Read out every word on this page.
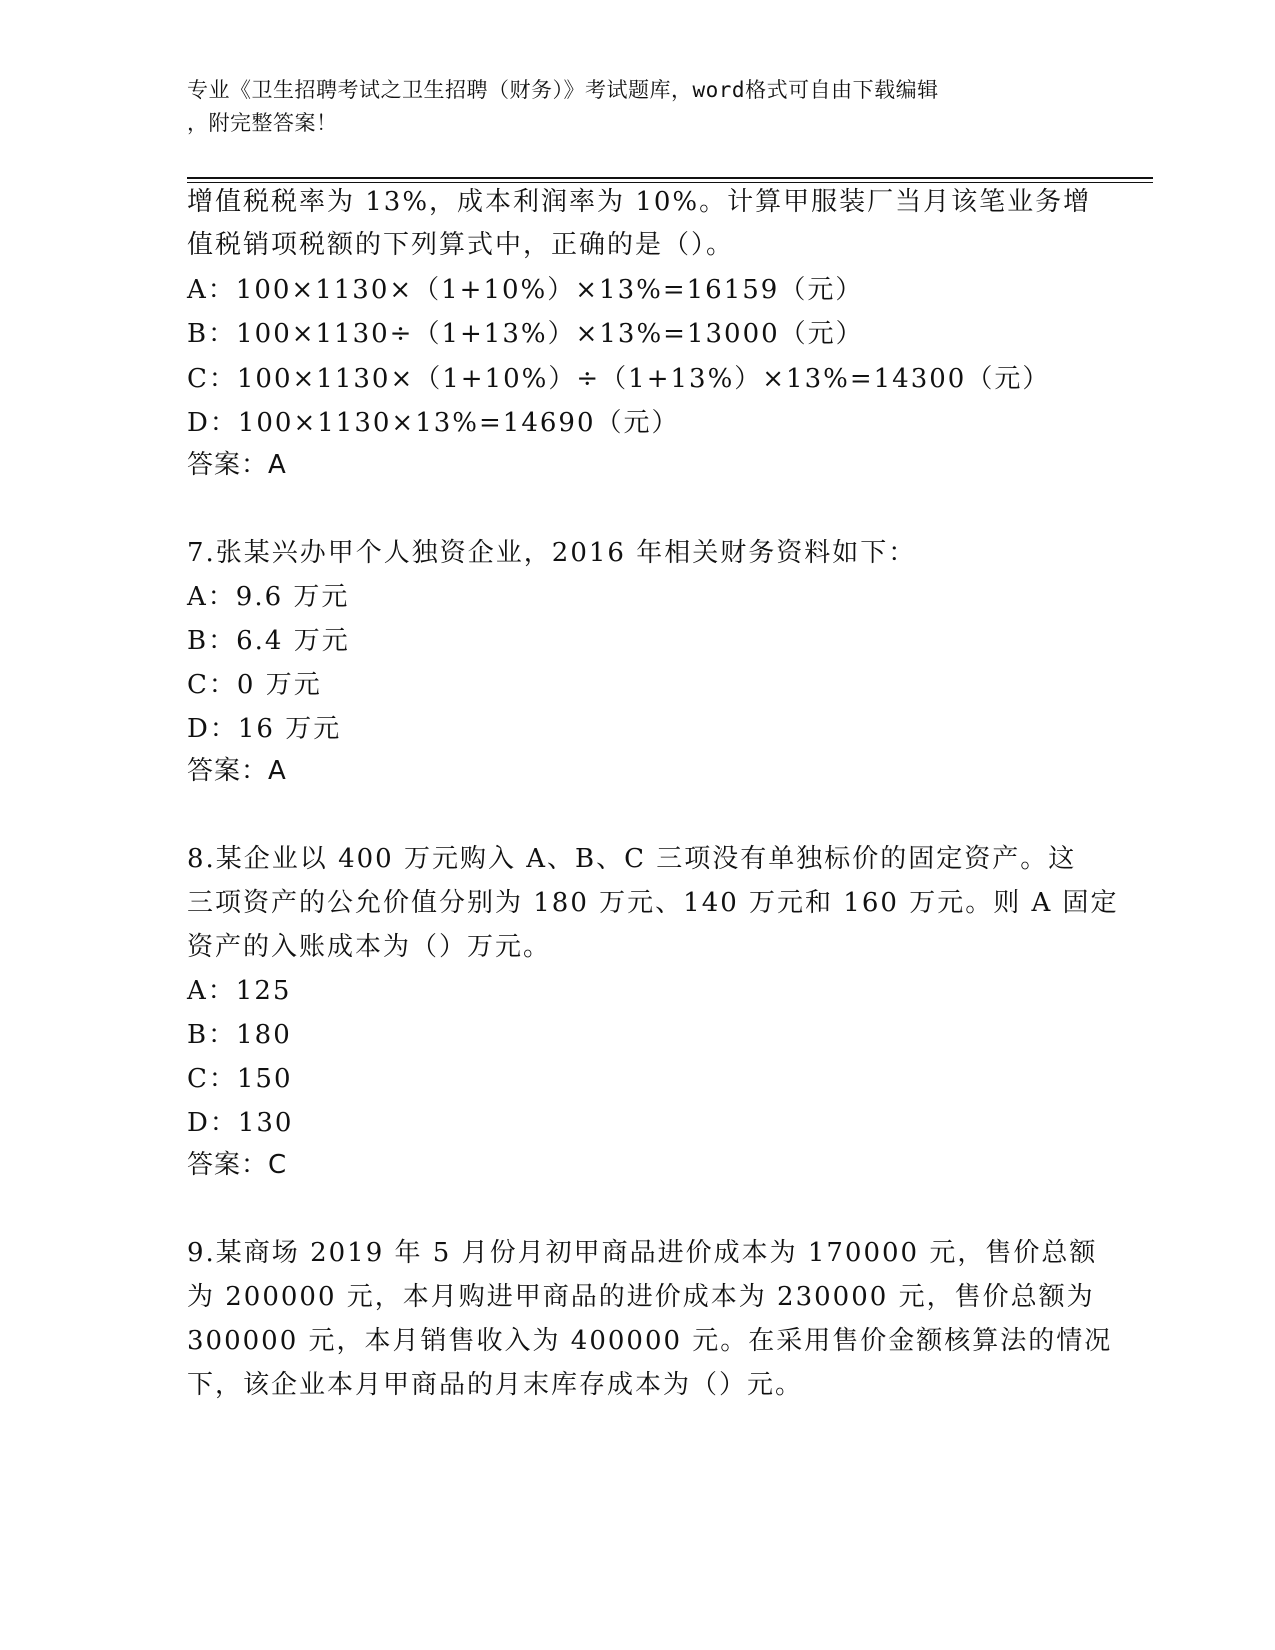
专业《卫生招聘考试之卫生招聘（财务）》考试题库，word格式可自由下载编辑
，附完整答案！
增值税税率为 13%，成本利润率为 10%。计算甲服装厂当月该笔业务增
值税销项税额的下列算式中，正确的是（）。
A：100×1130×（1+10%）×13%=16159（元）
B：100×1130÷（1+13%）×13%=13000（元）
C：100×1130×（1+10%）÷（1+13%）×13%=14300（元）
D：100×1130×13%=14690（元）
答案：A
7.张某兴办甲个人独资企业，2016 年相关财务资料如下：
A：9.6 万元
B：6.4 万元
C：0 万元
D：16 万元
答案：A
8.某企业以 400 万元购入 A、B、C 三项没有单独标价的固定资产。这
三项资产的公允价值分别为 180 万元、140 万元和 160 万元。则 A 固定
资产的入账成本为（）万元。
A：125
B：180
C：150
D：130
答案：C
9.某商场 2019 年 5 月份月初甲商品进价成本为 170000 元，售价总额
为 200000 元，本月购进甲商品的进价成本为 230000 元，售价总额为
300000 元，本月销售收入为 400000 元。在采用售价金额核算法的情况
下，该企业本月甲商品的月末库存成本为（）元。
